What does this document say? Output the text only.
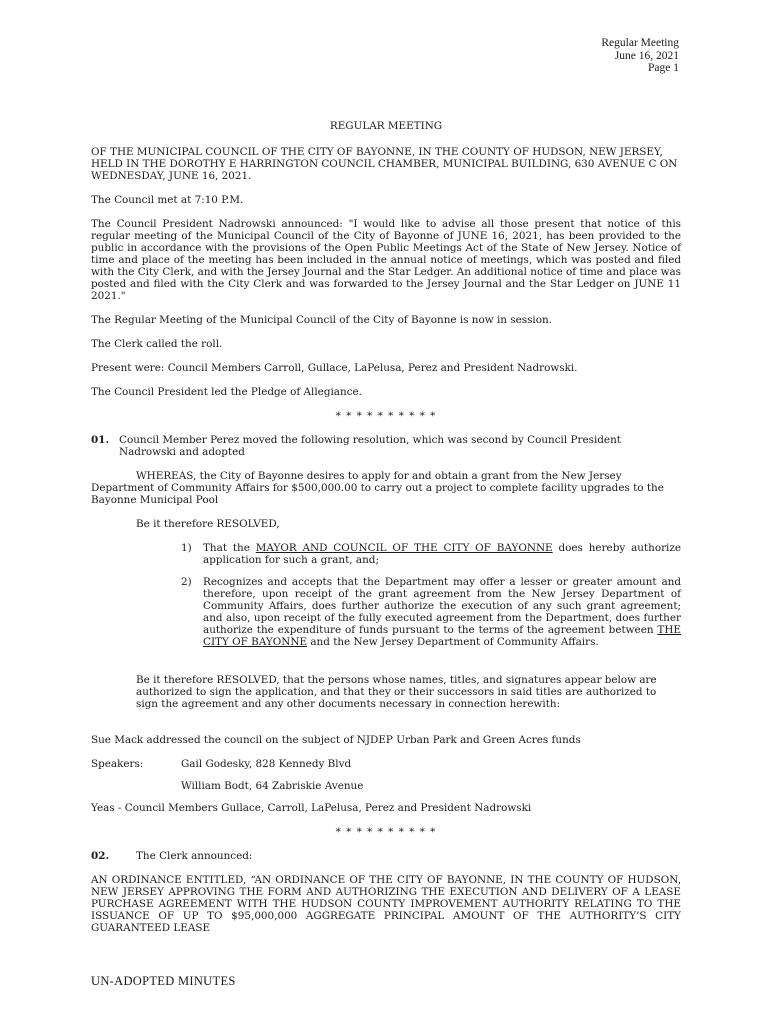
Regular Meeting
June 16, 2021
Page 1

REGULAR MEETING

OF THE MUNICIPAL COUNCIL OF THE CITY OF BAYONNE, IN THE COUNTY OF HUDSON, NEW JERSEY, HELD IN THE DOROTHY E HARRINGTON COUNCIL CHAMBER, MUNICIPAL BUILDING, 630 AVENUE C ON WEDNESDAY, JUNE 16, 2021.

The Council met at 7:10 P.M.

The Council President Nadrowski announced: "I would like to advise all those present that notice of this regular meeting of the Municipal Council of the City of Bayonne of JUNE 16, 2021, has been provided to the public in accordance with the provisions of the Open Public Meetings Act of the State of New Jersey. Notice of time and place of the meeting has been included in the annual notice of meetings, which was posted and filed with the City Clerk, and with the Jersey Journal and the Star Ledger. An additional notice of time and place was posted and filed with the City Clerk and was forwarded to the Jersey Journal and the Star Ledger on JUNE 11 2021."

The Regular Meeting of the Municipal Council of the City of Bayonne is now in session.

The Clerk called the roll.

Present were: Council Members Carroll, Gullace, LaPelusa, Perez and President Nadrowski.

The Council President led the Pledge of Allegiance.

* * * * * * * * * *

01. Council Member Perez moved the following resolution, which was second by Council President Nadrowski and adopted

WHEREAS, the City of Bayonne desires to apply for and obtain a grant from the New Jersey Department of Community Affairs for $500,000.00 to carry out a project to complete facility upgrades to the Bayonne Municipal Pool

Be it therefore RESOLVED,

1)	That the MAYOR AND COUNCIL OF THE CITY OF BAYONNE does hereby authorize application for such a grant, and;
2)	Recognizes and accepts that the Department may offer a lesser or greater amount and therefore, upon receipt of the grant agreement from the New Jersey Department of Community Affairs, does further authorize the execution of any such grant agreement; and also, upon receipt of the fully executed agreement from the Department, does further authorize the expenditure of funds pursuant to the terms of the agreement between THE CITY OF BAYONNE and the New Jersey Department of Community Affairs.

Be it therefore RESOLVED, that the persons whose names, titles, and signatures appear below are authorized to sign the application, and that they or their successors in said titles are authorized to sign the agreement and any other documents necessary in connection herewith:

Sue Mack addressed the council on the subject of NJDEP Urban Park and Green Acres funds

Speakers:	Gail Godesky, 828 Kennedy Blvd
William Bodt, 64 Zabriskie Avenue

Yeas - Council Members Gullace, Carroll, LaPelusa, Perez and President Nadrowski

* * * * * * * * * *

02.	The Clerk announced:

AN ORDINANCE ENTITLED, “AN ORDINANCE OF THE CITY OF BAYONNE, IN THE COUNTY OF HUDSON, NEW JERSEY APPROVING THE FORM AND AUTHORIZING THE EXECUTION AND DELIVERY OF A LEASE PURCHASE AGREEMENT WITH THE HUDSON COUNTY IMPROVEMENT AUTHORITY RELATING TO THE ISSUANCE OF UP TO $95,000,000 AGGREGATE PRINCIPAL AMOUNT OF THE AUTHORITY’S CITY GUARANTEED LEASE

UN-ADOPTED MINUTES
